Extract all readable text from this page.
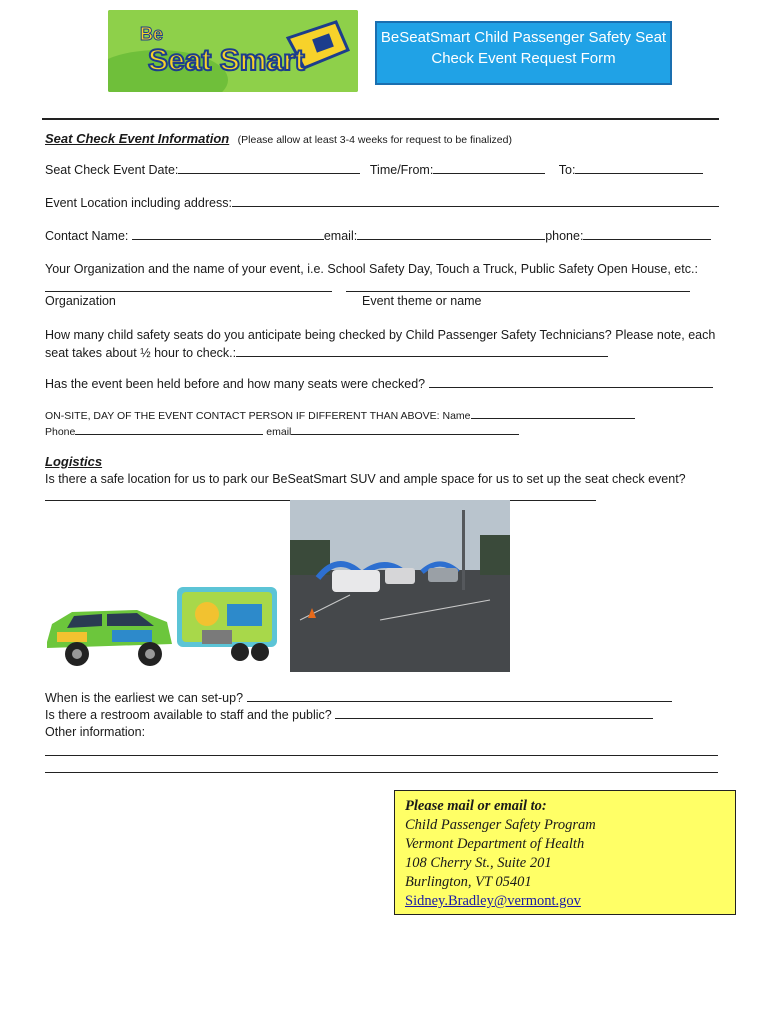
Be
Seat Smart
BeSeatSmart Child Passenger Safety Seat
Check Event Request Form
Seat Check Event Information (Please allow at least 3-4 weeks for request to be finalized)
Seat Check Event Date:	Time/From:	To:
Event Location including address:
Contact Name:	email:	phone:
Your Organization and the name of your event, i.e. School Safety Day, Touch a Truck, Public Safety Open House, etc.:
Organization	Event theme or name
How many child safety seats do you anticipate being checked by Child Passenger Safety Technicians? Please note, each
seat takes about ½ hour to check.:
Has the event been held before and how many seats were checked?
ON-SITE, DAY OF THE EVENT CONTACT PERSON IF DIFFERENT THAN ABOVE: Name
Phone	email
Logistics
Is there a safe location for us to park our BeSeatSmart SUV and ample space for us to set up the seat check event?
When is the earliest we can set-up?
Is there a restroom available to staff and the public?
Other information:
Please mail or email to:
Child Passenger Safety Program
Vermont Department of Health
108 Cherry St., Suite 201
Burlington, VT 05401
Sidney.Bradley@vermont.gov
